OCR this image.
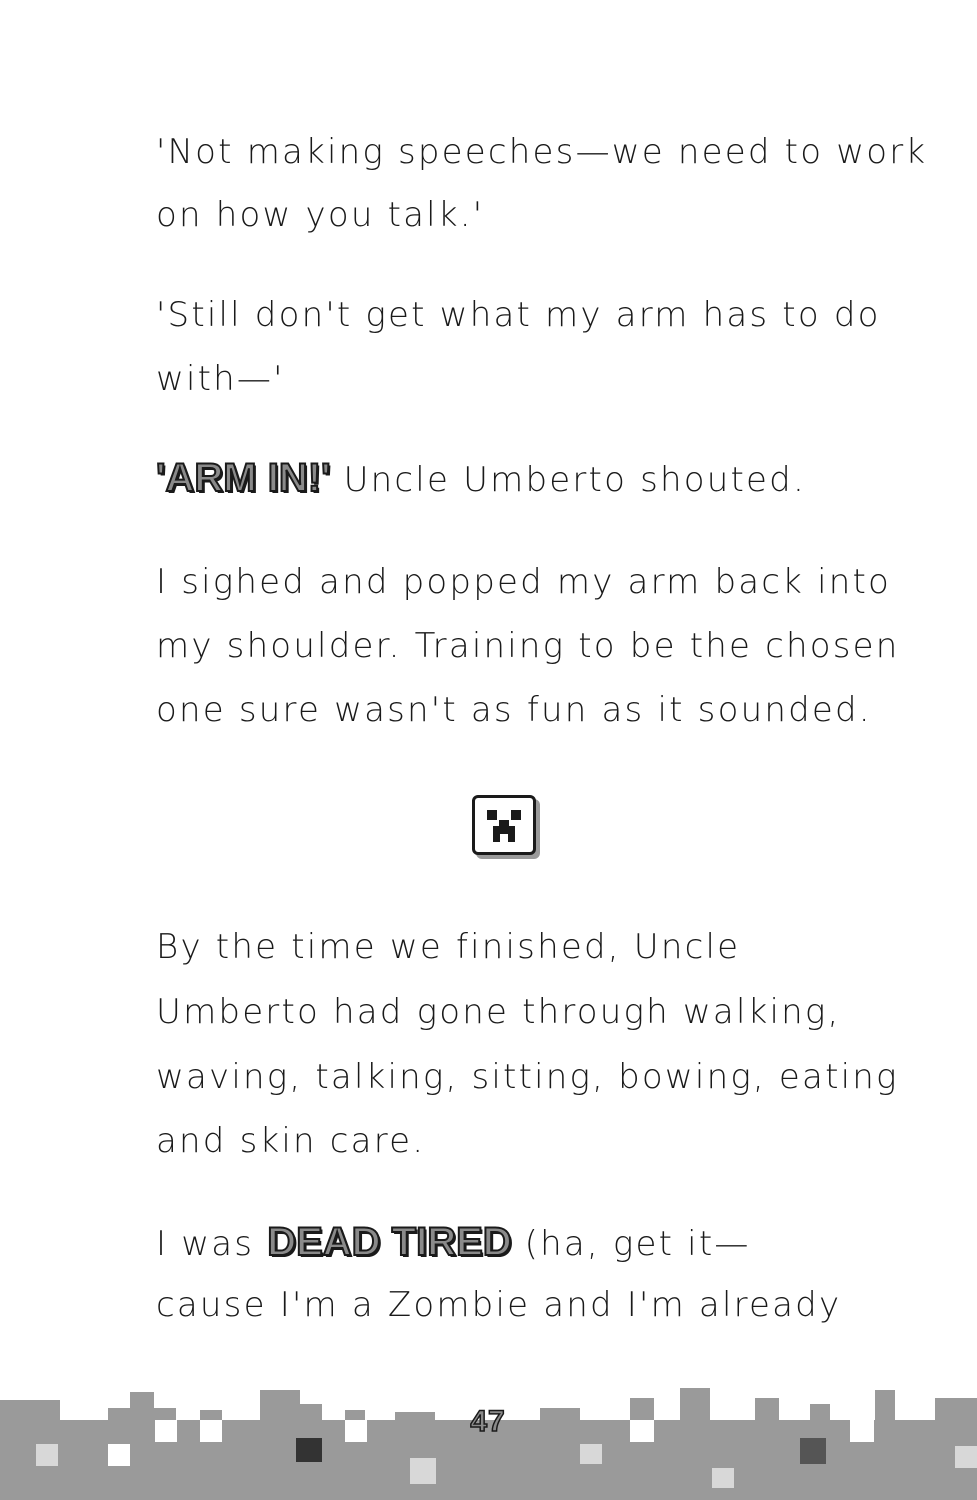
'Not making speeches—we need to work
on how you talk.'
'Still don't get what my arm has to do
with—'
'ARM IN!' Uncle Umberto shouted.
I sighed and popped my arm back into
my shoulder. Training to be the chosen
one sure wasn't as fun as it sounded.
By the time we finished, Uncle
Umberto had gone through walking,
waving, talking, sitting, bowing, eating
and skin care.
I was DEAD TIRED (ha, get it—
cause I'm a Zombie and I'm already
47
